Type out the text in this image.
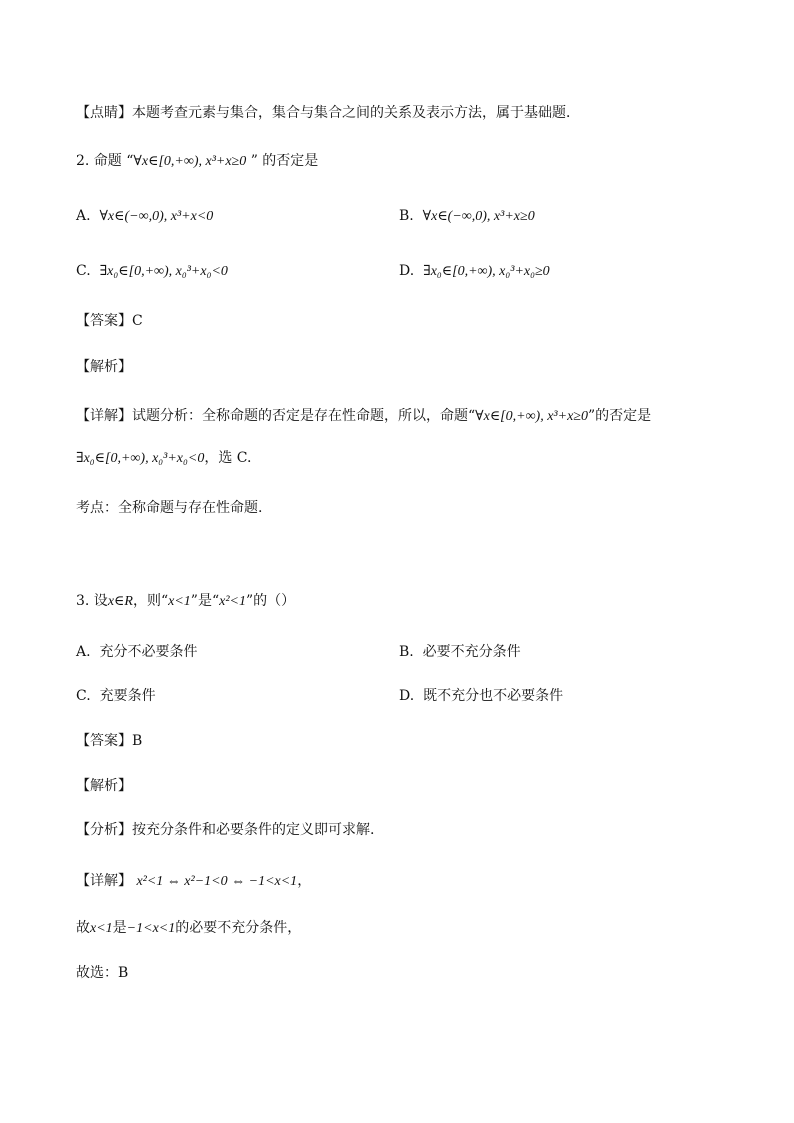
【点睛】本题考查元素与集合，集合与集合之间的关系及表示方法，属于基础题．
2. 命题 “∀x∈[0,+∞), x³+x≥0 ” 的否定是
A. ∀x∈(−∞,0), x³+x<0	B. ∀x∈(−∞,0), x³+x≥0
C. ∃x₀∈[0,+∞), x₀³+x₀<0	D. ∃x₀∈[0,+∞), x₀³+x₀≥0
【答案】C
【解析】
【详解】试题分析：全称命题的否定是存在性命题，所以，命题“∀x∈[0,+∞), x³+x≥0”的否定是
∃x₀∈[0,+∞), x₀³+x₀<0，选 C.
考点：全称命题与存在性命题.
3. 设x∈R，则“x<1”是“x²<1”的（）
A. 充分不必要条件	B. 必要不充分条件
C. 充要条件	D. 既不充分也不必要条件
【答案】B
【解析】
【分析】按充分条件和必要条件的定义即可求解.
【详解】 x²<1 ⇔ x²−1<0 ⇔ −1<x<1，
故x<1是−1<x<1的必要不充分条件，
故选：B
